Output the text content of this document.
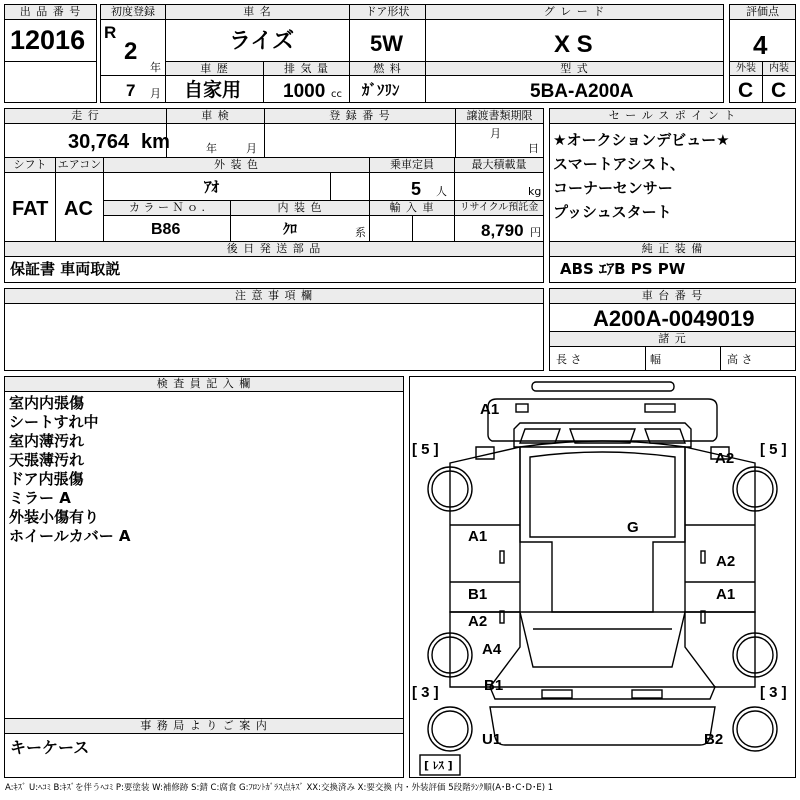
出 品 番 号
12016
初度登録
R
2
年
7 月
車 名
ライズ
ドア形状
5W
グ レ ー ド
X S
評価点
4
車 歴
自家用
排 気 量
1000 cc
燃 料
ｶﾞｿﾘﾝ
型 式
5BA-A200A
外装
C
内装
C
走 行
30,764 km
車 検
年	月
登 録 番 号	譲渡書類期限
月
日
シフト
FAT
エアコン
AC
外 装 色
ｱｵ
乗車定員
5 人
最大積載量
kg
カ ラ ー Ｎ ｏ .
B86
内 装 色
ｸﾛ	系
輸 入 車	リサイクル預託金
8,790 円
後 日 発 送 部 品
保証書 車両取説
セ ー ル ス ポ イ ン ト
★オークションデビュー★
スマートアシスト、
コーナーセンサー
プッシュスタート
純 正 装 備
ABS ｴｱB PS PW
注 意 事 項 欄	車 台 番 号
A200A-0049019
諸 元
長 さ	幅	高 さ
検 査 員 記 入 欄
室内内張傷
シートすれ中
室内薄汚れ
天張薄汚れ
ドア内張傷
ミラー A
外装小傷有り
ホイールカバー A
事 務 局 よ り ご 案 内
キーケース
[ 5 ]	[ 5 ]
[ 3 ]	[ 3 ]
[ ﾚｽ ]
A1
A2
G
A1
A2
B1	A1
A2
A4
B1
U1	B2
A:ｷｽﾞ U:ﾍｺﾐ B:ｷｽﾞを伴うﾍｺﾐ P:要塗装 W:補修跡 S:錆 C:腐食 G:ﾌﾛﾝﾄｶﾞﾗｽ点ｷｽﾞ XX:交換済み X:要交換 内・外装評価 5段階ﾗﾝｸ順(A･B･C･D･E) 1
